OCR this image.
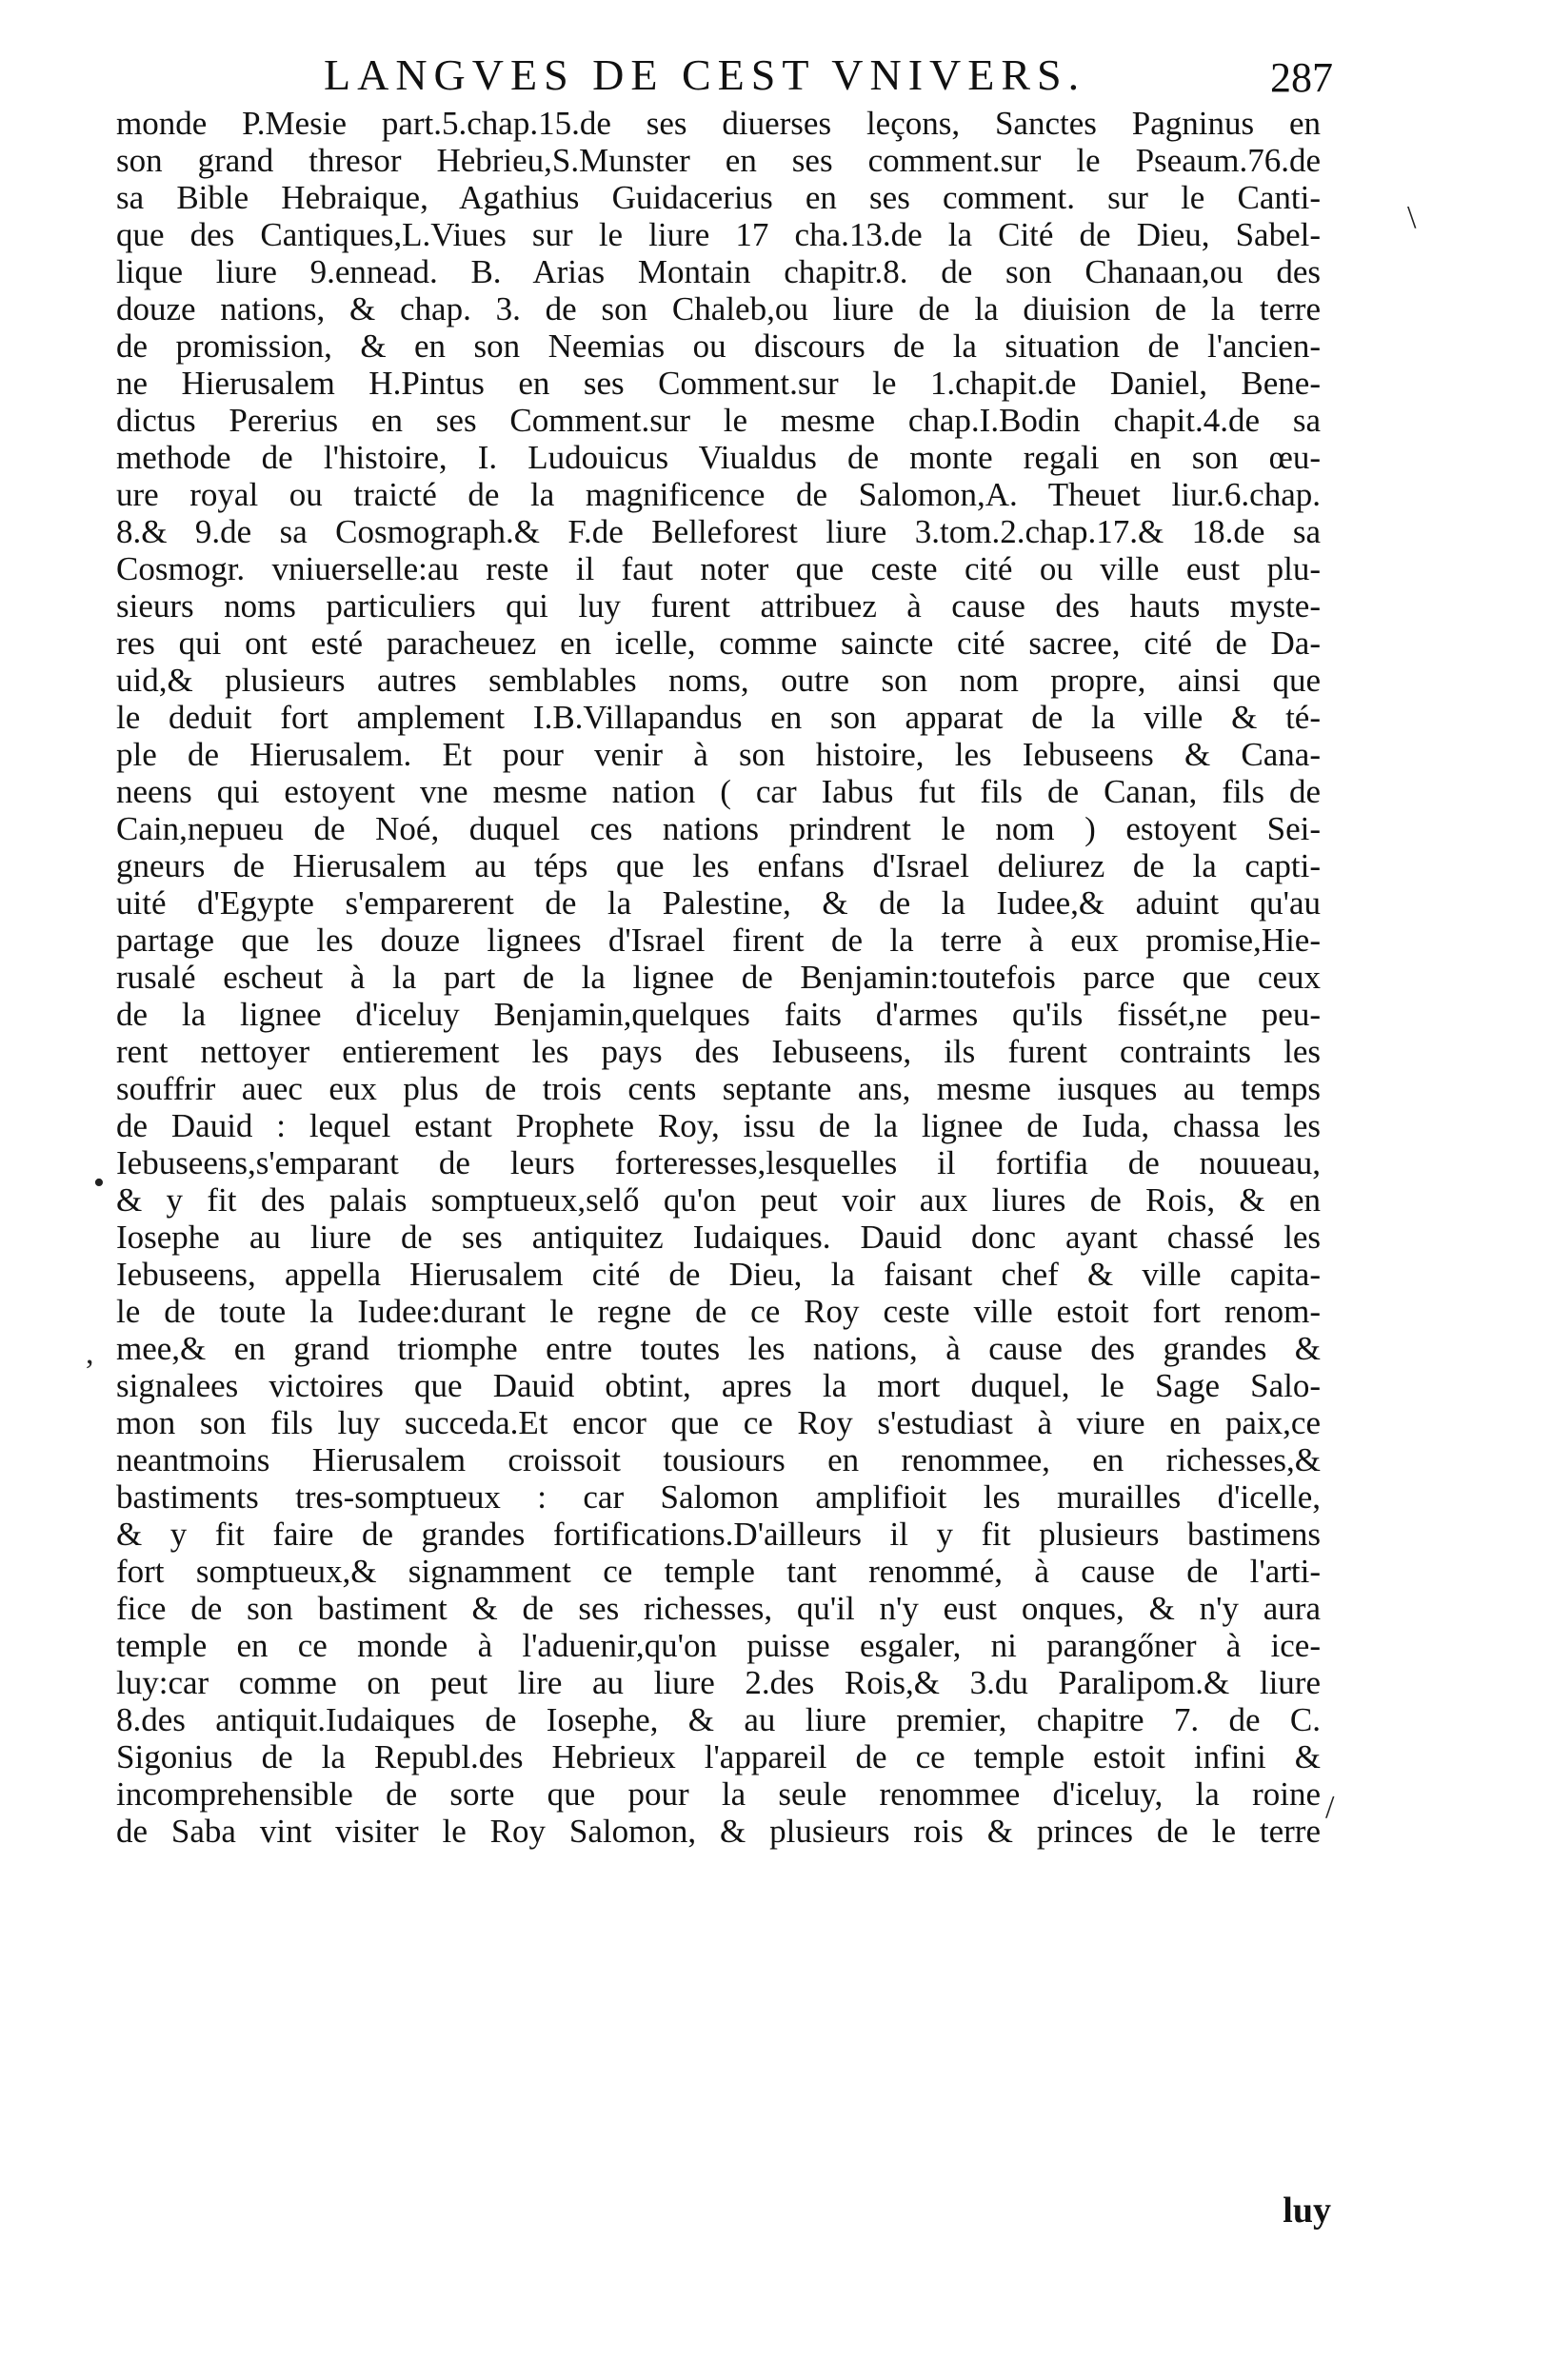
LANGVES DE CEST VNIVERS.	287
monde P.Mesie part.5.chap.15.de ses diuerses leçons, Sanctes Pagninus en
son grand thresor Hebrieu,S.Munster en ses comment.sur le Pseaum.76.de
sa Bible Hebraique, Agathius Guidacerius en ses comment. sur le Canti-
que des Cantiques,L.Viues sur le liure 17 cha.13.de la Cité de Dieu, Sabel-
lique liure 9.ennead. B. Arias Montain chapitr.8. de son Chanaan,ou des
douze nations, & chap. 3. de son Chaleb,ou liure de la diuision de la terre
de promission, & en son Neemias ou discours de la situation de l'ancien-
ne Hierusalem H.Pintus en ses Comment.sur le 1.chapit.de Daniel, Bene-
dictus Pererius en ses Comment.sur le mesme chap.I.Bodin chapit.4.de sa
methode de l'histoire, I. Ludouicus Viualdus de monte regali en son œu-
ure royal ou traicté de la magnificence de Salomon,A. Theuet liur.6.chap.
8.& 9.de sa Cosmograph.& F.de Belleforest liure 3.tom.2.chap.17.& 18.de sa
Cosmogr. vniuerselle:au reste il faut noter que ceste cité ou ville eust plu-
sieurs noms particuliers qui luy furent attribuez à cause des hauts myste-
res qui ont esté paracheuez en icelle, comme saincte cité sacree, cité de Da-
uid,& plusieurs autres semblables noms, outre son nom propre, ainsi que
le deduit fort amplement I.B.Villapandus en son apparat de la ville & té-
ple de Hierusalem. Et pour venir à son histoire, les Iebuseens & Cana-
neens qui estoyent vne mesme nation ( car Iabus fut fils de Canan, fils de
Cain,nepueu de Noé, duquel ces nations prindrent le nom ) estoyent Sei-
gneurs de Hierusalem au téps que les enfans d'Israel deliurez de la capti-
uité d'Egypte s'emparerent de la Palestine, & de la Iudee,& aduint qu'au
partage que les douze lignees d'Israel firent de la terre à eux promise,Hie-
rusalé escheut à la part de la lignee de Benjamin:toutefois parce que ceux
de la lignee d'iceluy Benjamin,quelques faits d'armes qu'ils fissét,ne peu-
rent nettoyer entierement les pays des Iebuseens, ils furent contraints les
souffrir auec eux plus de trois cents septante ans, mesme iusques au temps
de Dauid : lequel estant Prophete Roy, issu de la lignee de Iuda, chassa les
Iebuseens,s'emparant de leurs forteresses,lesquelles il fortifia de nouueau,
& y fit des palais somptueux,selő qu'on peut voir aux liures de Rois, & en
Iosephe au liure de ses antiquitez Iudaiques. Dauid donc ayant chassé les
Iebuseens, appella Hierusalem cité de Dieu, la faisant chef & ville capita-
le de toute la Iudee:durant le regne de ce Roy ceste ville estoit fort renom-
mee,& en grand triomphe entre toutes les nations, à cause des grandes &
signalees victoires que Dauid obtint, apres la mort duquel, le Sage Salo-
mon son fils luy succeda.Et encor que ce Roy s'estudiast à viure en paix,ce
neantmoins Hierusalem croissoit tousiours en renommee, en richesses,&
bastiments tres-somptueux : car Salomon amplifioit les murailles d'icelle,
& y fit faire de grandes fortifications.D'ailleurs il y fit plusieurs bastimens
fort somptueux,& signamment ce temple tant renommé, à cause de l'arti-
fice de son bastiment & de ses richesses, qu'il n'y eust onques, & n'y aura
temple en ce monde à l'aduenir,qu'on puisse esgaler, ni parangőner à ice-
luy:car comme on peut lire au liure 2.des Rois,& 3.du Paralipom.& liure
8.des antiquit.Iudaiques de Iosephe, & au liure premier, chapitre 7. de C.
Sigonius de la Republ.des Hebrieux l'appareil de ce temple estoit infini &
incomprehensible de sorte que pour la seule renommee d'iceluy, la roine
de Saba vint visiter le Roy Salomon, & plusieurs rois & princes de le terre
luy
\
•
,
/
